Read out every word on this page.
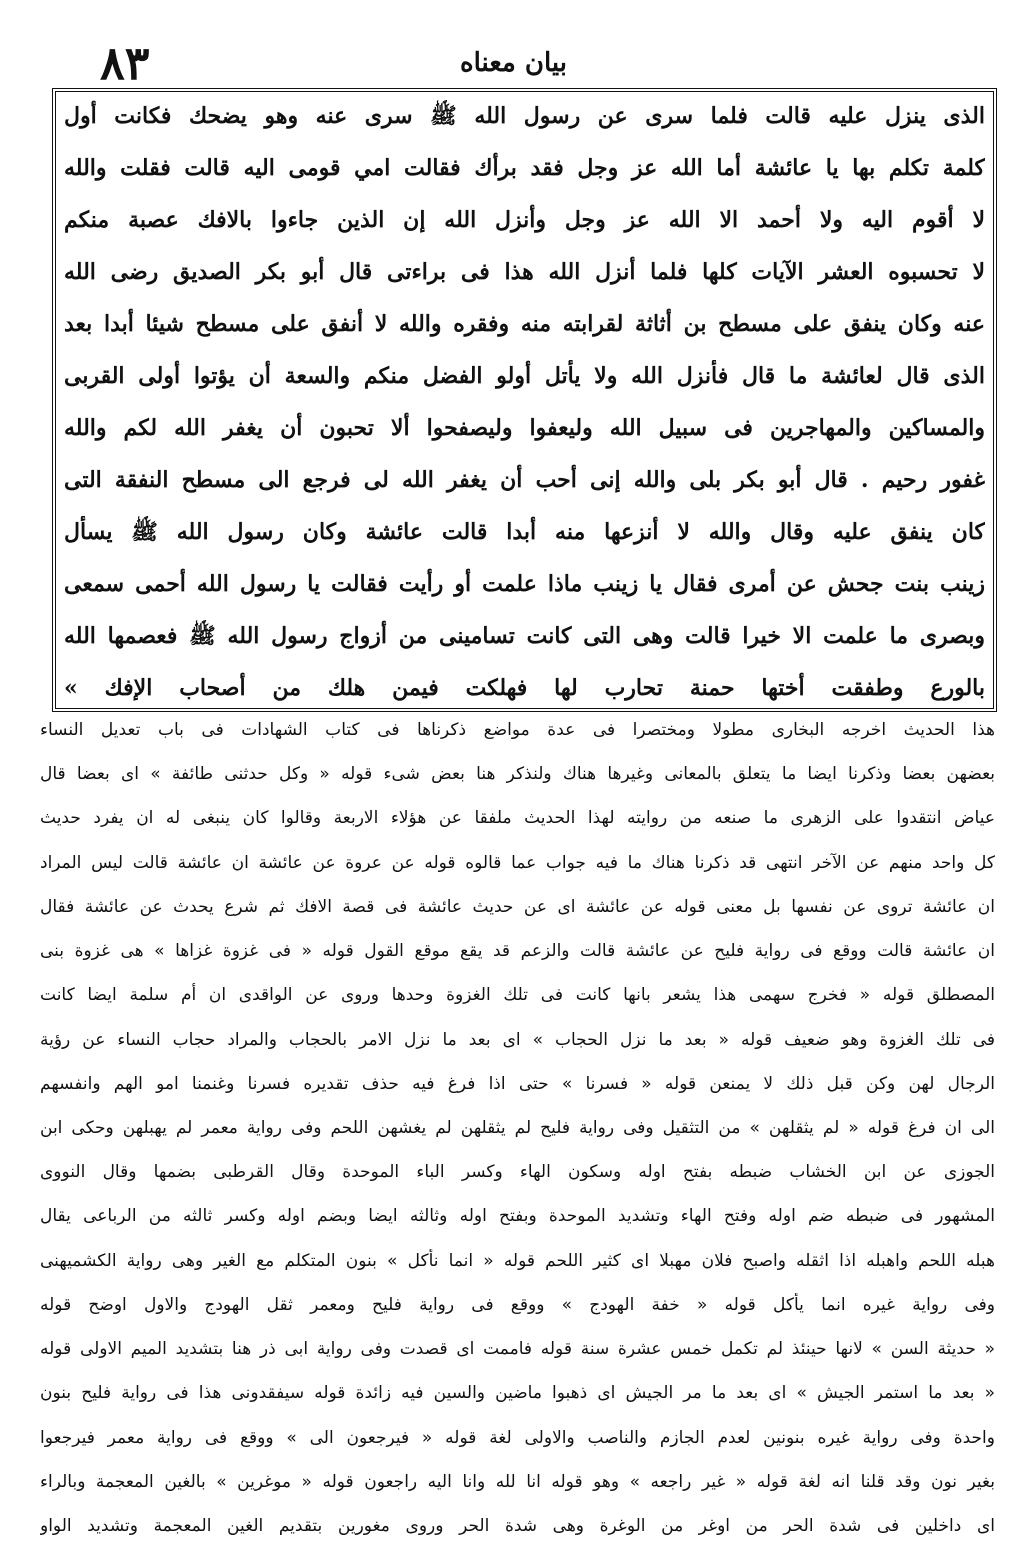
٨٣	بیان معناه
الذی ينزل عليه قالت فلما سرى عن رسول الله ﷺ سرى عنه وهو يضحك فكانت أول
كلمة تكلم بها يا عائشة أما الله عز وجل فقد برأك فقالت امي قومى اليه قالت فقلت والله
لا أقوم اليه ولا أحمد الا الله عز وجل وأنزل الله إن الذين جاءوا بالافك عصبة منكم
لا تحسبوه العشر الآيات كلها فلما أنزل الله هذا فى براءتى قال أبو بكر الصديق رضى الله
عنه وكان ينفق على مسطح بن أثاثة لقرابته منه وفقره والله لا أنفق على مسطح شيئا أبدا بعد
الذى قال لعائشة ما قال فأنزل الله ولا يأتل أولو الفضل منكم والسعة أن يؤتوا أولى القربى
والمساكين والمهاجرين فى سبيل الله وليعفوا وليصفحوا ألا تحبون أن يغفر الله لكم والله
غفور رحيم . قال أبو بكر بلى والله إنى أحب أن يغفر الله لى فرجع الى مسطح النفقة التى
كان ينفق عليه وقال والله لا أنزعها منه أبدا قالت عائشة وكان رسول الله ﷺ يسأل
زينب بنت جحش عن أمرى فقال يا زينب ماذا علمت أو رأيت فقالت يا رسول الله أحمى سمعى
وبصرى ما علمت الا خيرا قالت وهى التى كانت تسامينى من أزواج رسول الله ﷺ فعصمها الله
بالورع وطفقت أختها حمنة تحارب لها فهلكت فيمن هلك من أصحاب الإفك »
هذا الحديث اخرجه البخارى مطولا ومختصرا فى عدة مواضع ذكرناها فى كتاب الشهادات فى باب تعديل النساء
بعضهن بعضا وذكرنا ايضا ما يتعلق بالمعانى وغيرها هناك ولنذكر هنا بعض شىء قوله « وكل حدثنى طائفة » اى بعضا قال
عياض انتقدوا على الزهرى ما صنعه من روايته لهذا الحديث ملفقا عن هؤلاء الاربعة وقالوا كان ينبغى له ان يفرد حديث
كل واحد منهم عن الآخر انتهى قد ذكرنا هناك ما فيه جواب عما قالوه قوله عن عروة عن عائشة ان عائشة قالت ليس المراد
ان عائشة تروى عن نفسها بل معنى قوله عن عائشة اى عن حديث عائشة فى قصة الافك ثم شرع يحدث عن عائشة فقال
ان عائشة قالت ووقع فى رواية فليح عن عائشة قالت والزعم قد يقع موقع القول قوله « فى غزوة غزاها » هى غزوة بنى
المصطلق قوله « فخرج سهمى هذا يشعر بانها كانت فى تلك الغزوة وحدها وروى عن الواقدى ان أم سلمة ايضا كانت
فى تلك الغزوة وهو ضعيف قوله « بعد ما نزل الحجاب » اى بعد ما نزل الامر بالحجاب والمراد حجاب النساء عن رؤية
الرجال لهن وكن قبل ذلك لا يمنعن قوله « فسرنا » حتى اذا فرغ فيه حذف تقديره فسرنا وغنمنا امو الهم وانفسهم
الى ان فرغ قوله « لم يثقلهن » من التثقيل وفى رواية فليح لم يثقلهن لم يغشهن اللحم وفى رواية معمر لم يهبلهن وحكى ابن
الجوزى عن ابن الخشاب ضبطه بفتح اوله وسكون الهاء وكسر الباء الموحدة وقال القرطبى بضمها وقال النووى
المشهور فى ضبطه ضم اوله وفتح الهاء وتشديد الموحدة وبفتح اوله وثالثه ايضا وبضم اوله وكسر ثالثه من الرباعى يقال
هبله اللحم واهبله اذا اثقله واصبح فلان مهبلا اى كثير اللحم قوله « انما نأكل » بنون المتكلم مع الغير وهى رواية الكشميهنى
وفى رواية غيره انما يأكل قوله « خفة الهودج » ووقع فى رواية فليح ومعمر ثقل الهودج والاول اوضح قوله
« حديثة السن » لانها حينئذ لم تكمل خمس عشرة سنة قوله فاممت اى قصدت وفى رواية ابى ذر هنا بتشديد الميم الاولى قوله
« بعد ما استمر الجيش » اى بعد ما مر الجيش اى ذهبوا ماضين والسين فيه زائدة قوله سيفقدونى هذا فى رواية فليح بنون
واحدة وفى رواية غيره بنونين لعدم الجازم والناصب والاولى لغة قوله « فيرجعون الى » ووقع فى رواية معمر فيرجعوا
بغير نون وقد قلنا انه لغة قوله « غير راجعه » وهو قوله انا لله وانا اليه راجعون قوله « موغرين » بالغين المعجمة وبالراء
اى داخلين فى شدة الحر من اوغر من الوغرة وهى شدة الحر وروى مغورين بتقديم الغين المعجمة وتشديد الواو
